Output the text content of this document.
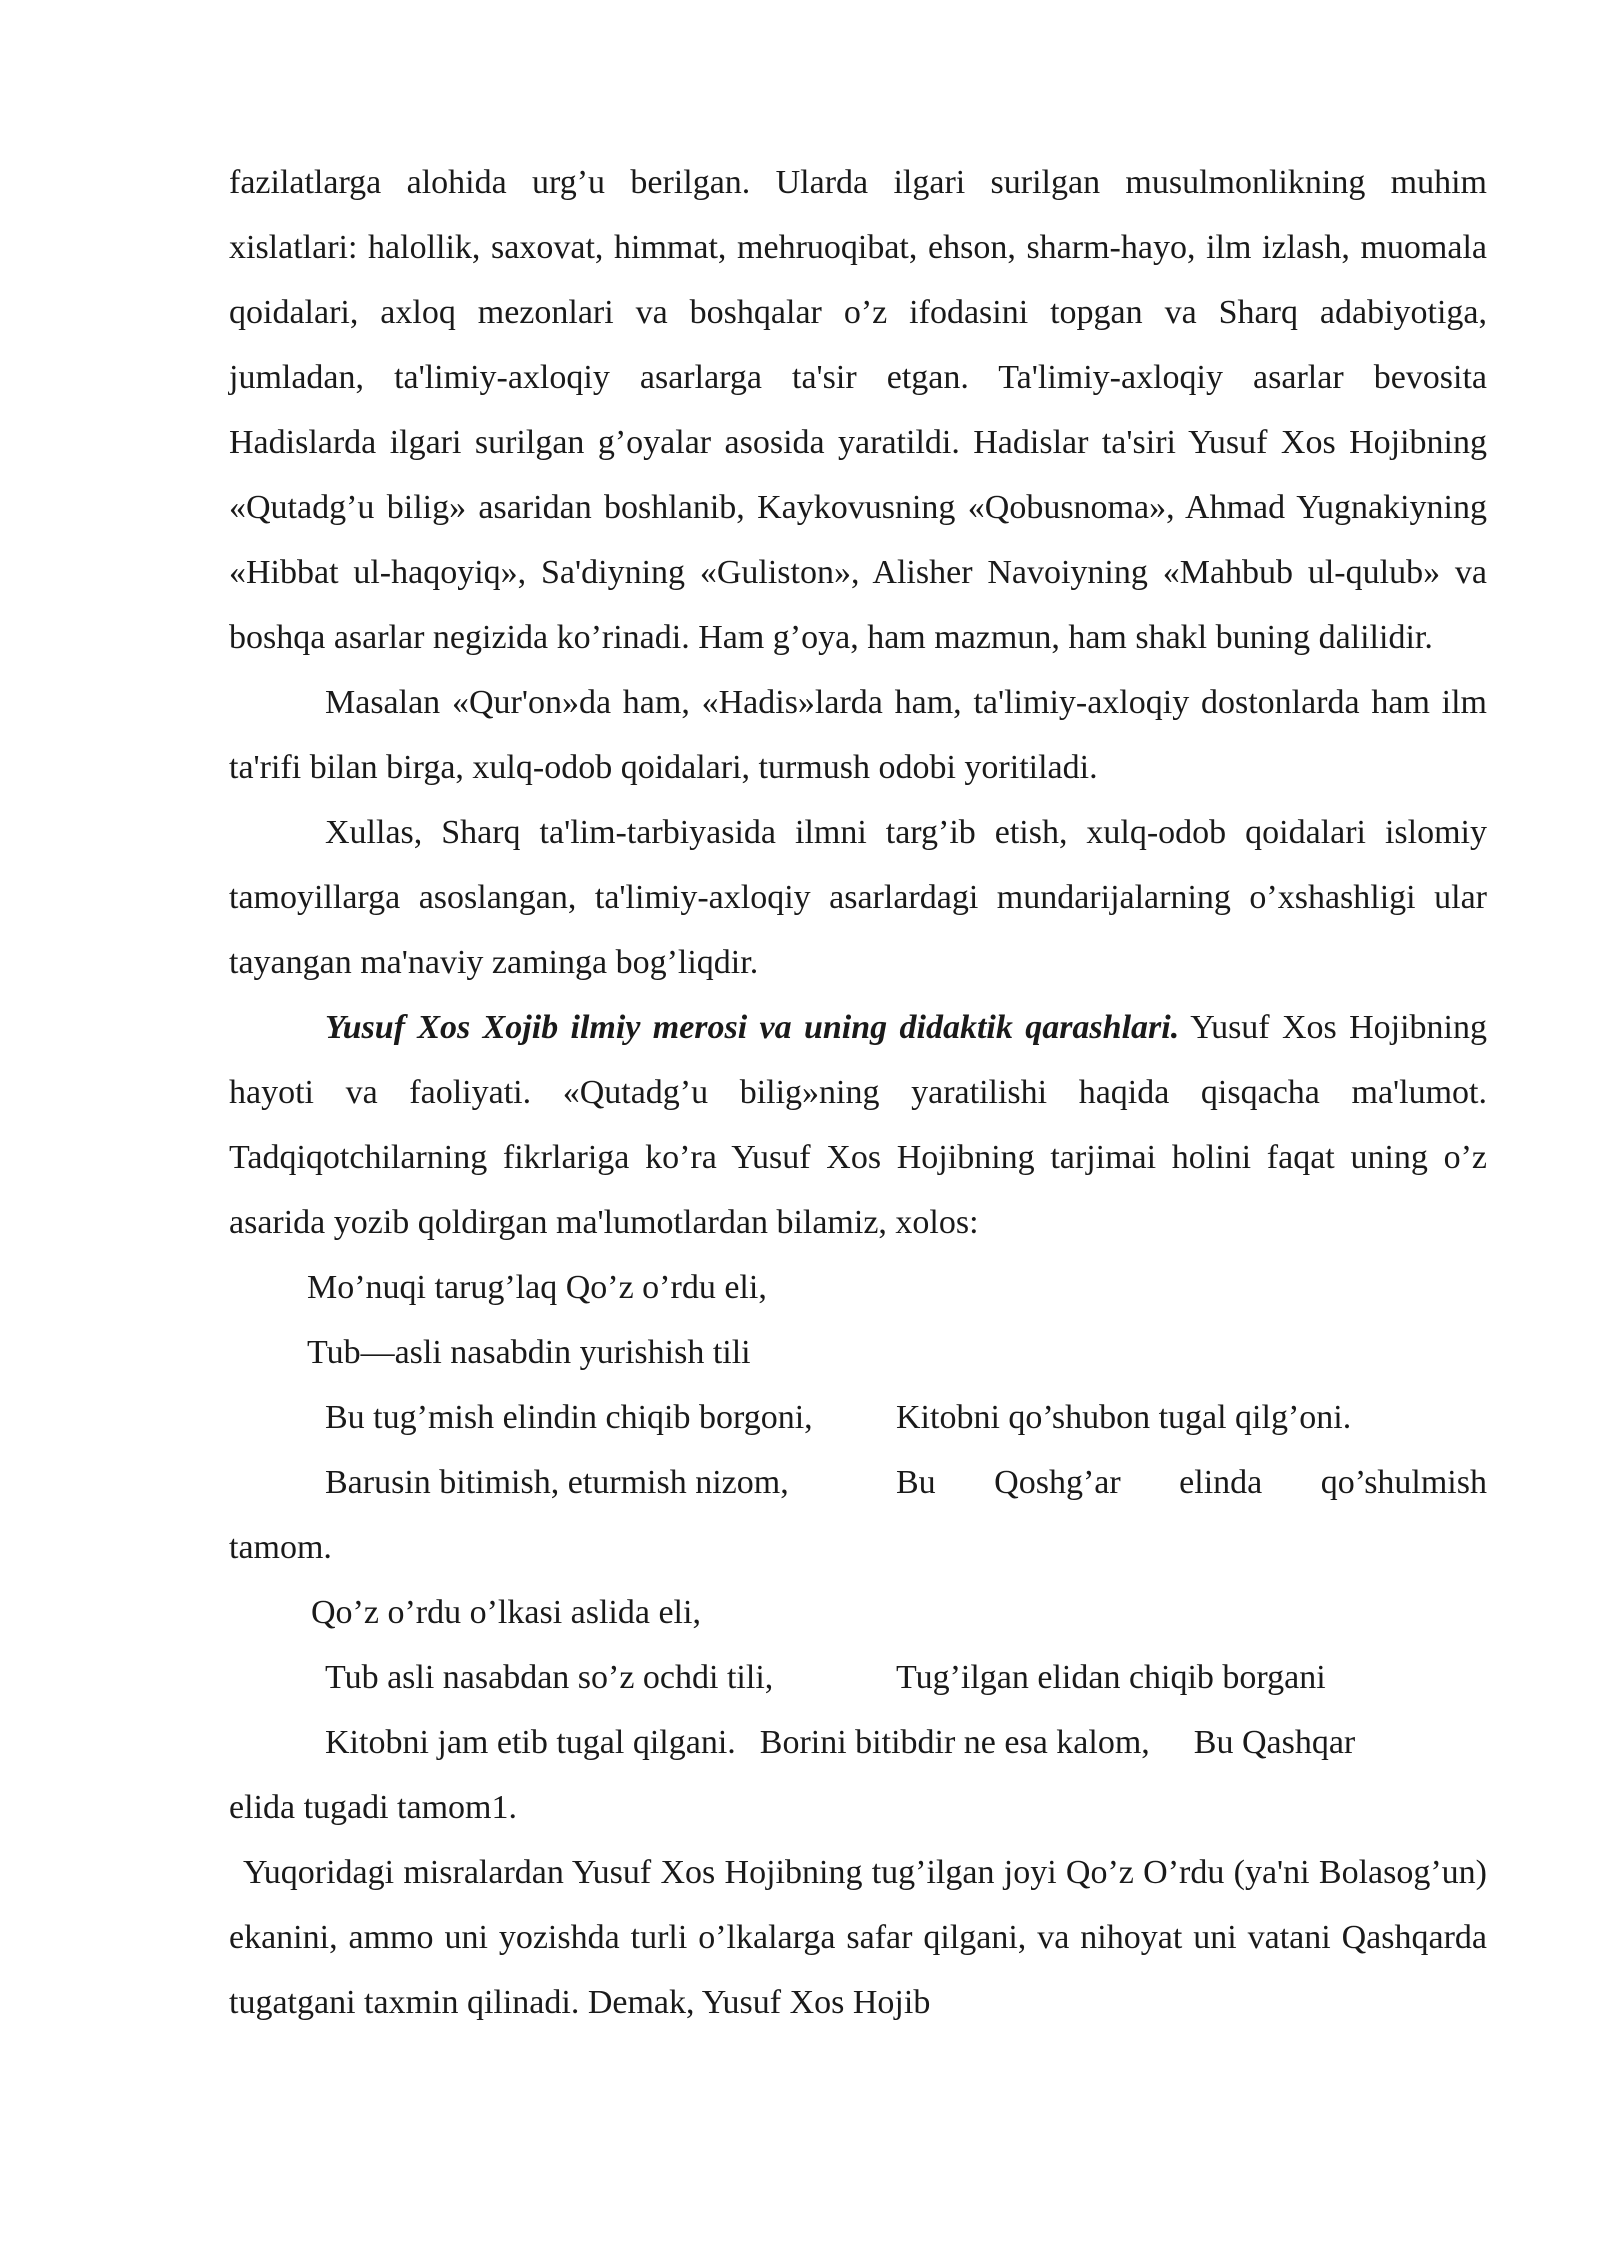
fazilatlarga alohida urg’u berilgan. Ularda ilgari surilgan musulmonlikning muhim xislatlari: halollik, saxovat, himmat, mehruoqibat, ehson, sharm-hayo, ilm izlash, muomala qoidalari, axloq mezonlari va boshqalar o’z ifodasini topgan va Sharq adabiyotiga, jumladan, ta'limiy-axloqiy asarlarga ta'sir etgan. Ta'limiy-axloqiy asarlar bevosita Hadislarda ilgari surilgan g’oyalar asosida yaratildi. Hadislar ta'siri Yusuf Xos Hojibning «Qutadg’u bilig» asaridan boshlanib, Kaykovusning «Qobusnoma», Ahmad Yugnakiyning «Hibbat ul-haqoyiq», Sa'diyning «Guliston», Alisher Navoiyning «Mahbub ul-qulub» va boshqa asarlar negizida ko’rinadi. Ham g’oya, ham mazmun, ham shakl buning dalilidir.

Masalan «Qur'on»da ham, «Hadis»larda ham, ta'limiy-axloqiy dostonlarda ham ilm ta'rifi bilan birga, xulq-odob qoidalari, turmush odobi yoritiladi.

Xullas, Sharq ta'lim-tarbiyasida ilmni targ’ib etish, xulq-odob qoidalari islomiy tamoyillarga asoslangan, ta'limiy-axloqiy asarlardagi mundarijalarning o’xshashligi ular tayangan ma'naviy zaminga bog’liqdir.

Yusuf Xos Xojib ilmiy merosi va uning didaktik qarashlari. Yusuf Xos Hojibning hayoti va faoliyati. «Qutadg’u bilig»ning yaratilishi haqida qisqacha ma'lumot. Tadqiqotchilarning fikrlariga ko’ra Yusuf Xos Hojibning tarjimai holini faqat uning o’z asarida yozib qoldirgan ma'lumotlardan bilamiz, xolos:

Mo’nuqi tarug’laq Qo’z o’rdu eli,

Tub—asli nasabdin yurishish tili

Bu tug’mish elindin chiqib borgoni, Kitobni qo’shubon tugal qilg’oni.
Barusin bitimish, eturmish nizom,	Bu Qoshg’ar elinda qo’shulmish

tamom.

Qo’z o’rdu o’lkasi aslida eli,

Tub asli nasabdan so’z ochdi tili,	Tug’ilgan elidan chiqib borgani

Kitobni jam etib tugal qilgani. Borini bitibdir ne esa kalom, Bu Qashqar

elida tugadi tamom1.

Yuqoridagi misralardan Yusuf Xos Hojibning tug’ilgan joyi Qo’z O’rdu (ya'ni Bolasog’un) ekanini, ammo uni yozishda turli o’lkalarga safar qilgani, va nihoyat uni vatani Qashqarda tugatgani taxmin qilinadi. Demak, Yusuf Xos Hojib
